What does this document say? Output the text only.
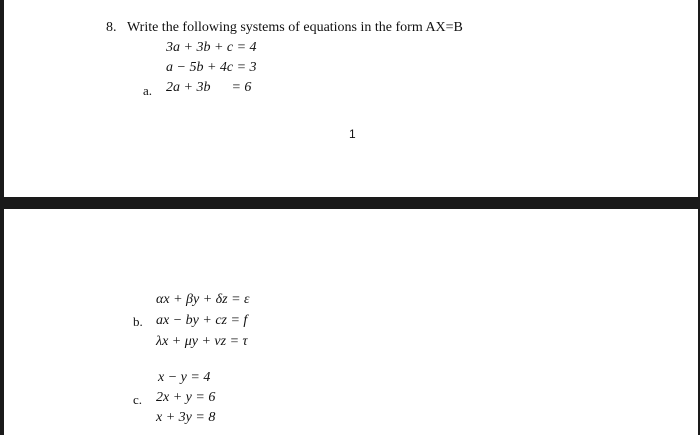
8. Write the following systems of equations in the form AX=B
3a + 3b + c = 4
a − 5b + 4c = 3
a. 2a + 3b      = 6
1
αx + βy + δz = ε
b. ax − by + cz = f
λx + μy + νz = τ
x − y = 4
c. 2x + y = 6
x + 3y = 8
